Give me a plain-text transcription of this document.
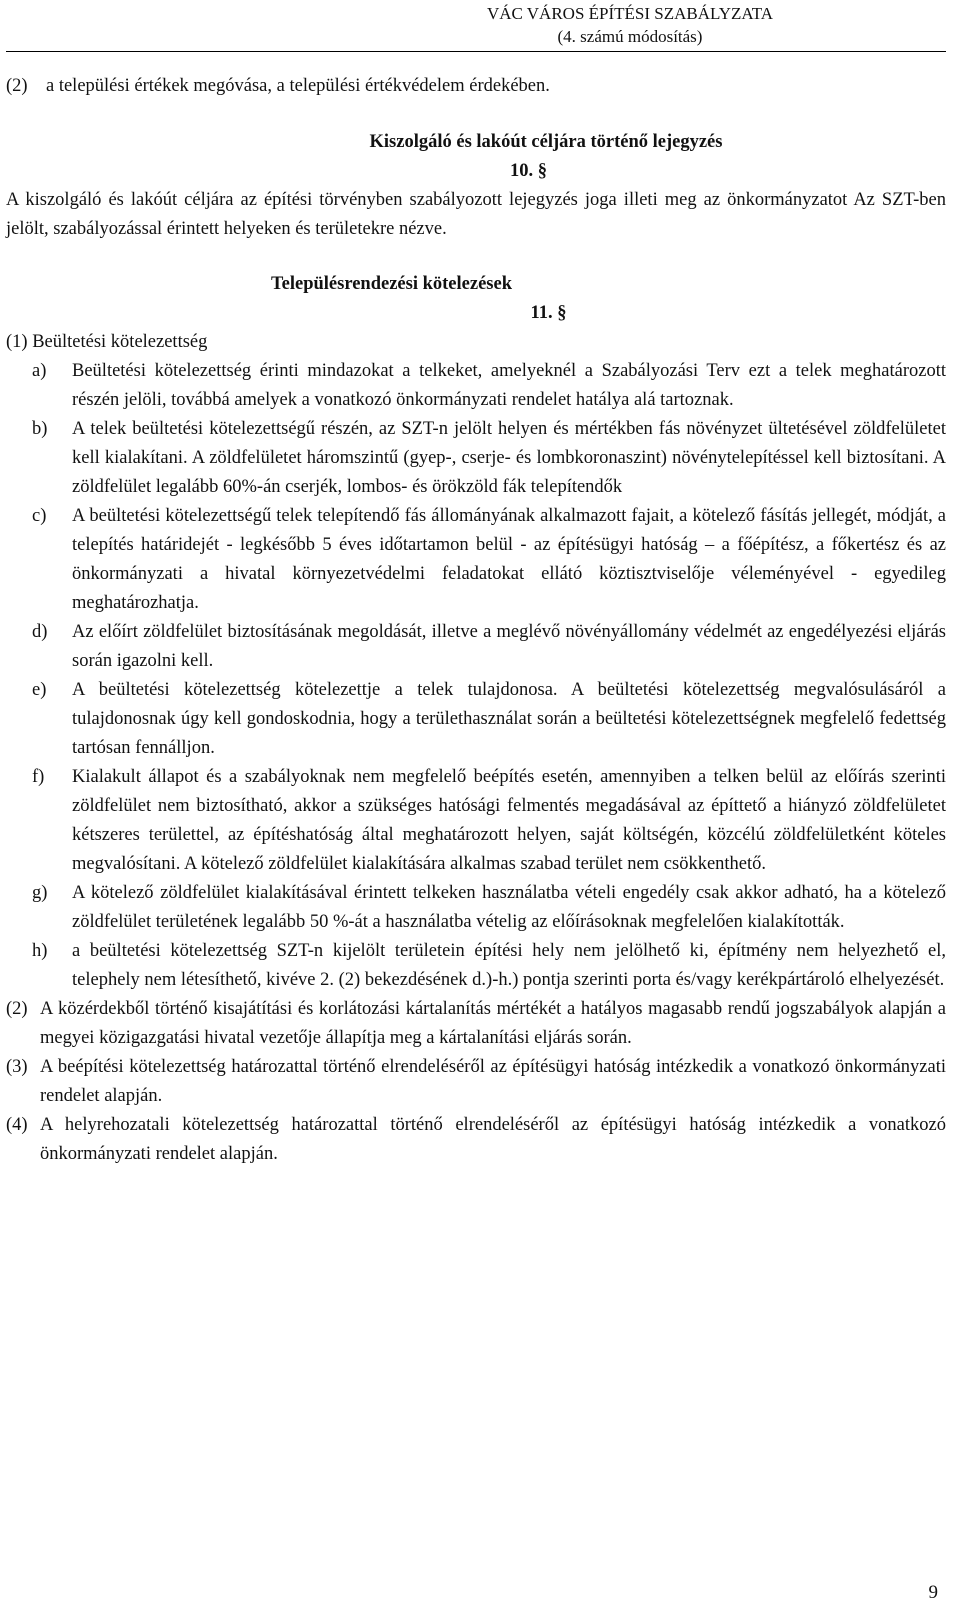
VÁC VÁROS ÉPÍTÉSI SZABÁLYZATA
(4. számú módosítás)
(2) a települési értékek megóvása, a települési értékvédelem érdekében.

Kiszolgáló és lakóút céljára történő lejegyzés

10. §

A kiszolgáló és lakóút céljára az építési törvényben szabályozott lejegyzés joga illeti meg az önkormányzatot Az SZT-ben jelölt, szabályozással érintett helyeken és területekre nézve.

Településrendezési kötelezések

11. §

(1) Beültetési kötelezettség

a)	Beültetési kötelezettség érinti mindazokat a telkeket, amelyeknél a Szabályozási Terv ezt a telek meghatározott részén jelöli, továbbá amelyek a vonatkozó önkormányzati rendelet hatálya alá tartoznak.
b)	A telek beültetési kötelezettségű részén, az SZT-n jelölt helyen és mértékben fás növényzet ültetésével zöldfelületet kell kialakítani. A zöldfelületet háromszintű (gyep-, cserje- és lombkoronaszint) növénytelepítéssel kell biztosítani. A zöldfelület legalább 60%-án cserjék, lombos- és örökzöld fák telepítendők
c)	A beültetési kötelezettségű telek telepítendő fás állományának alkalmazott fajait, a kötelező fásítás jellegét, módját, a telepítés határidejét - legkésőbb 5 éves időtartamon belül - az építésügyi hatóság – a főépítész, a főkertész és az önkormányzati a hivatal környezetvédelmi feladatokat ellátó köztisztviselője véleményével - egyedileg meghatározhatja.
d)	Az előírt zöldfelület biztosításának megoldását, illetve a meglévő növényállomány védelmét az engedélyezési eljárás során igazolni kell.
e)	A beültetési kötelezettség kötelezettje a telek tulajdonosa. A beültetési kötelezettség megvalósulásáról a tulajdonosnak úgy kell gondoskodnia, hogy a területhasználat során a beültetési kötelezettségnek megfelelő fedettség tartósan fennálljon.
f)	Kialakult állapot és a szabályoknak nem megfelelő beépítés esetén, amennyiben a telken belül az előírás szerinti zöldfelület nem biztosítható, akkor a szükséges hatósági felmentés megadásával az építtető a hiányzó zöldfelületet kétszeres területtel, az építéshatóság által meghatározott helyen, saját költségén, közcélú zöldfelületként köteles megvalósítani. A kötelező zöldfelület kialakítására alkalmas szabad terület nem csökkenthető.
g)	A kötelező zöldfelület kialakításával érintett telkeken használatba vételi engedély csak akkor adható, ha a kötelező zöldfelület területének legalább 50 %-át a használatba vételig az előírásoknak megfelelően kialakították.
h)	a beültetési kötelezettség SZT-n kijelölt területein építési hely nem jelölhető ki, építmény nem helyezhető el, telephely nem létesíthető, kivéve 2. (2) bekezdésének d.)-h.) pontja szerinti porta és/vagy kerékpártároló elhelyezését.
(2) A közérdekből történő kisajátítási és korlátozási kártalanítás mértékét a hatályos magasabb rendű jogszabályok alapján a megyei közigazgatási hivatal vezetője állapítja meg a kártalanítási eljárás során.
(3) A beépítési kötelezettség határozattal történő elrendeléséről az építésügyi hatóság intézkedik a vonatkozó önkormányzati rendelet alapján.
(4) A helyrehozatali kötelezettség határozattal történő elrendeléséről az építésügyi hatóság intézkedik a vonatkozó önkormányzati rendelet alapján.
9
